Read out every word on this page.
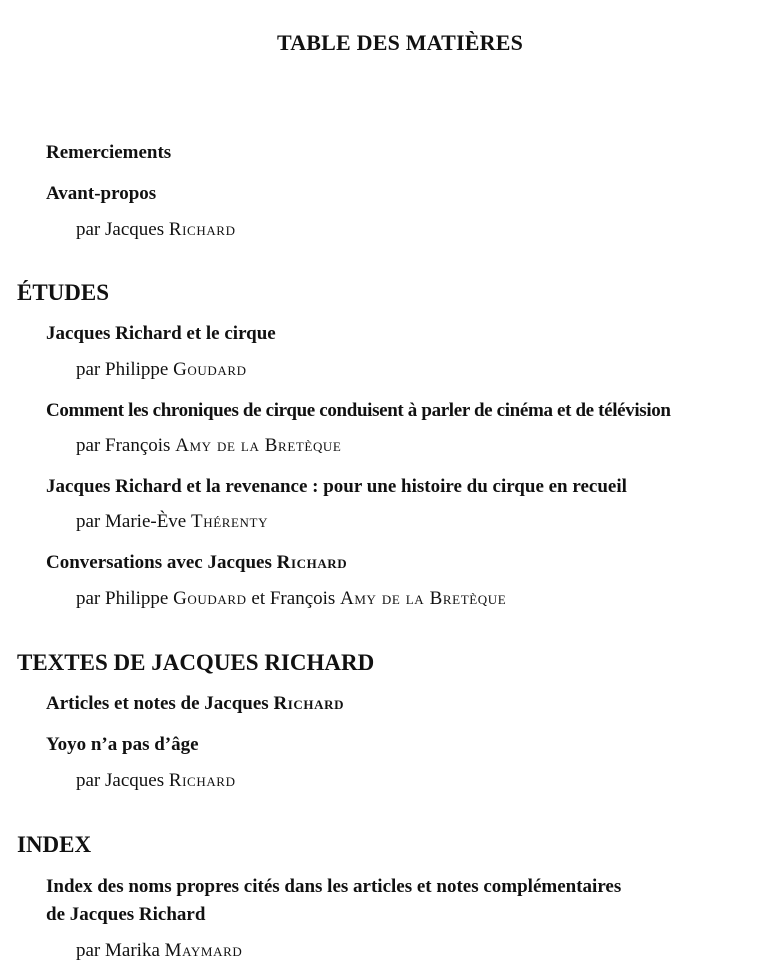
TABLE DES MATIÈRES
Remerciements
Avant-propos
par Jacques Richard
ÉTUDES
Jacques Richard et le cirque
par Philippe Goudard
Comment les chroniques de cirque conduisent à parler de cinéma et de télévision
par François Amy de la Bretèque
Jacques Richard et la revenance : pour une histoire du cirque en recueil
par Marie-Ève Thérenty
Conversations avec Jacques Richard
par Philippe Goudard et François Amy de la Bretèque
TEXTES DE JACQUES RICHARD
Articles et notes de Jacques Richard
Yoyo n’a pas d’âge
par Jacques Richard
INDEX
Index des noms propres cités dans les articles et notes complémentaires
de Jacques Richard
par Marika Maymard
